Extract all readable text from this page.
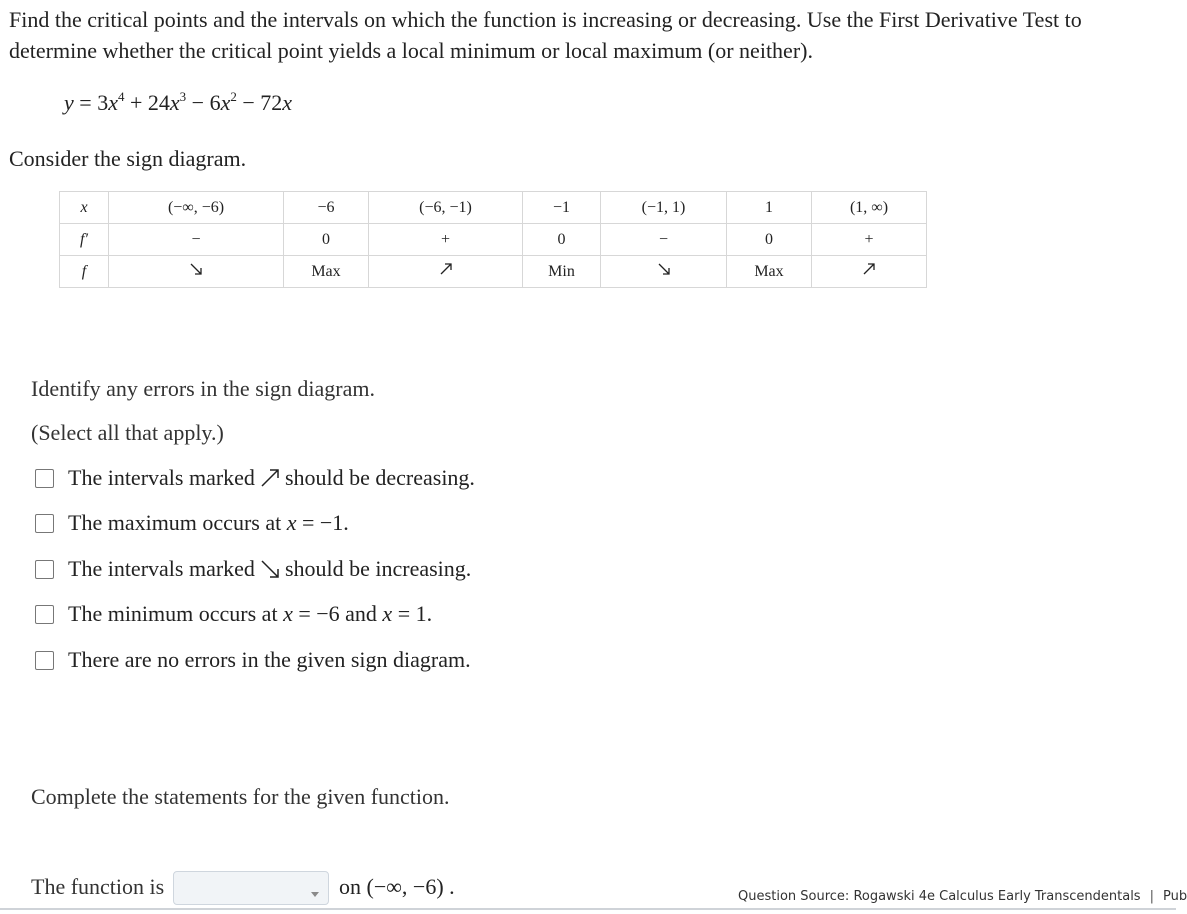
Find the critical points and the intervals on which the function is increasing or decreasing. Use the First Derivative Test to determine whether the critical point yields a local minimum or local maximum (or neither).
$y = 3x^4 + 24x^3 - 6x^2 - 72x$
Consider the sign diagram.
x	(−∞, −6)	−6	(−6, −1)	−1	(−1, 1)	1	(1, ∞)
f′	−	0	+	0	−	0	+
f		Max		Min		Max	
Identify any errors in the sign diagram.
(Select all that apply.)
The intervals marked should be decreasing.
The maximum occurs at x = −1.
The intervals marked should be increasing.
The minimum occurs at x = −6 and x = 1.
There are no errors in the given sign diagram.
Complete the statements for the given function.
The function is	on (−∞, −6) .	Question Source: Rogawski 4e Calculus Early Transcendentals | Pub
